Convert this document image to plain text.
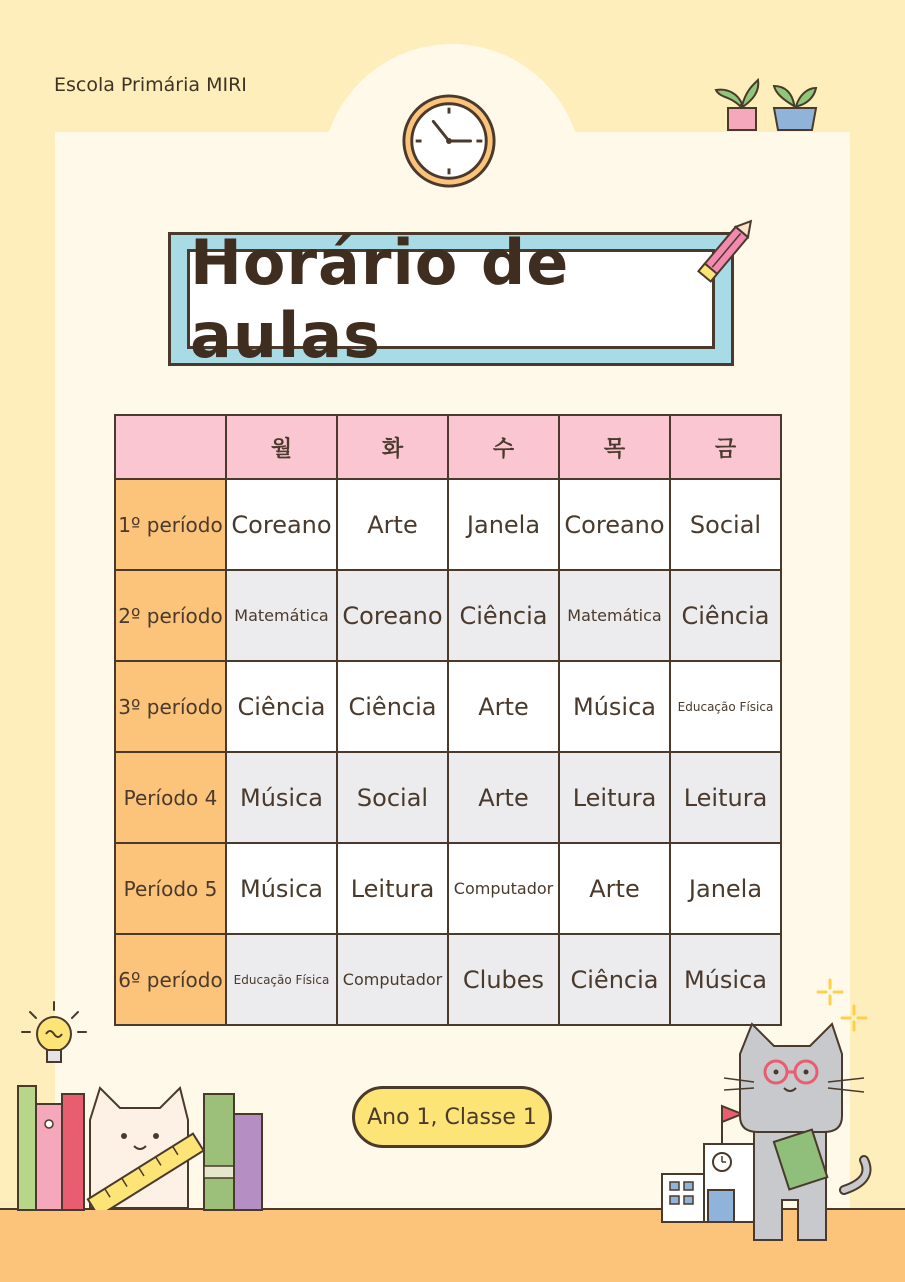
Escola Primária MIRI
Horário de aulas
	월	화	수	목	금
1º período	Coreano	Arte	Janela	Coreano	Social
2º período	Matemática	Coreano	Ciência	Matemática	Ciência
3º período	Ciência	Ciência	Arte	Música	Educação Física
Período 4	Música	Social	Arte	Leitura	Leitura
Período 5	Música	Leitura	Computador	Arte	Janela
6º período	Educação Física	Computador	Clubes	Ciência	Música
Ano 1, Classe 1
